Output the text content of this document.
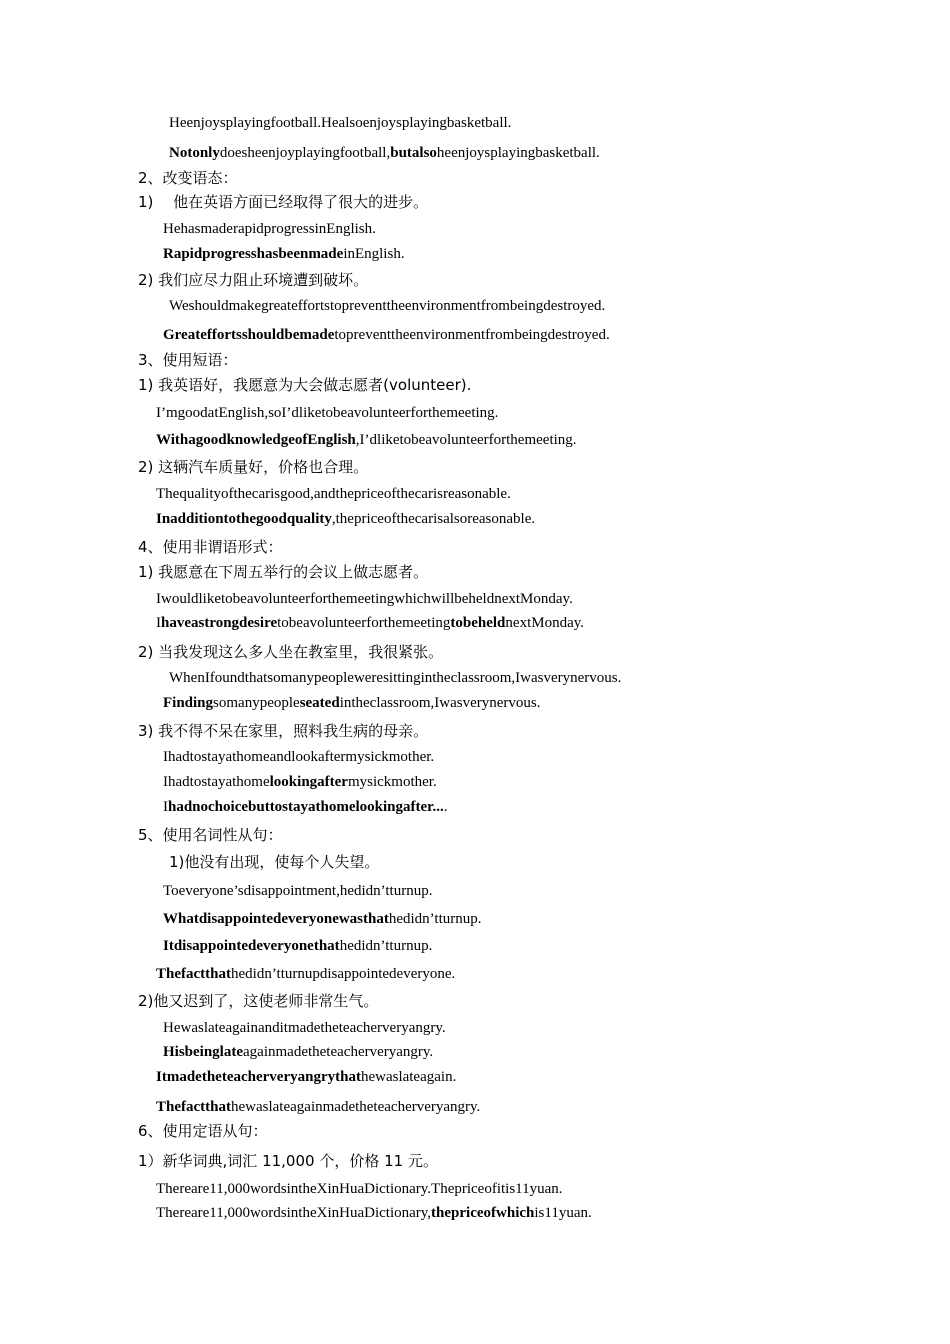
Heenjoysplayingfootball.Healsoenjoysplayingbasketball.
Notonlydoesheenjoyplayingfootball,butalsoheenjoysplayingbasketball.
2、改变语态：
1)　 他在英语方面已经取得了很大的进步。
HehasmaderapidprogressinEnglish.
RapidprogresshasbeenmadeinEnglish.
2) 我们应尽力阻止环境遭到破坏。
Weshouldmakegreateffortstopreventtheenvironmentfrombeingdestroyed.
Greateffortsshouldbemadetopreventtheenvironmentfrombeingdestroyed.
3、使用短语：
1) 我英语好，我愿意为大会做志愿者(volunteer).
I’mgoodatEnglish,soI’dliketobeavolunteerforthemeeting.
WithagoodknowledgeofEnglish,I’dliketobeavolunteerforthemeeting.
2) 这辆汽车质量好，价格也合理。
Thequalityofthecarisgood,andthepriceofthecarisreasonable.
Inadditiontothegoodquality,thepriceofthecarisalsoreasonable.
4、使用非谓语形式：
1) 我愿意在下周五举行的会议上做志愿者。
IwouldliketobeavolunteerforthemeetingwhichwillbeheldnextMonday.
IhaveastrongdesiretobeavolunteerforthemeetingtobeheldnextMonday.
2) 当我发现这么多人坐在教室里，我很紧张。
WhenIfoundthatsomanypeopleweresittingintheclassroom,Iwasverynervous.
Findingsomanypeopleseatedintheclassroom,Iwasverynervous.
3) 我不得不呆在家里，照料我生病的母亲。
Ihadtostayathomeandlookaftermysickmother.
Ihadtostayathomelookingaftermysickmother.
Ihadnochoicebuttostayathomelookingafter....
5、使用名词性从句：
1)他没有出现，使每个人失望。
Toeveryone’sdisappointment,hedidn’tturnup.
Whatdisappointedeveryonewasthathedidn’tturnup.
Itdisappointedeveryonethathedidn’tturnup.
Thefactthathedidn’tturnupdisappointedeveryone.
2)他又迟到了，这使老师非常生气。
Hewaslateagainanditmadetheteacherveryangry.
Hisbeinglateagainmadetheteacherveryangry.
Itmadetheteacherveryangrythathewaslateagain.
Thefactthathewaslateagainmadetheteacherveryangry.
6、使用定语从句：
1）新华词典,词汇 11,000 个，价格 11 元。
Thereare11,000wordsintheXinHuaDictionary.Thepriceofitis11yuan.
Thereare11,000wordsintheXinHuaDictionary,thepriceofwhichis11yuan.
